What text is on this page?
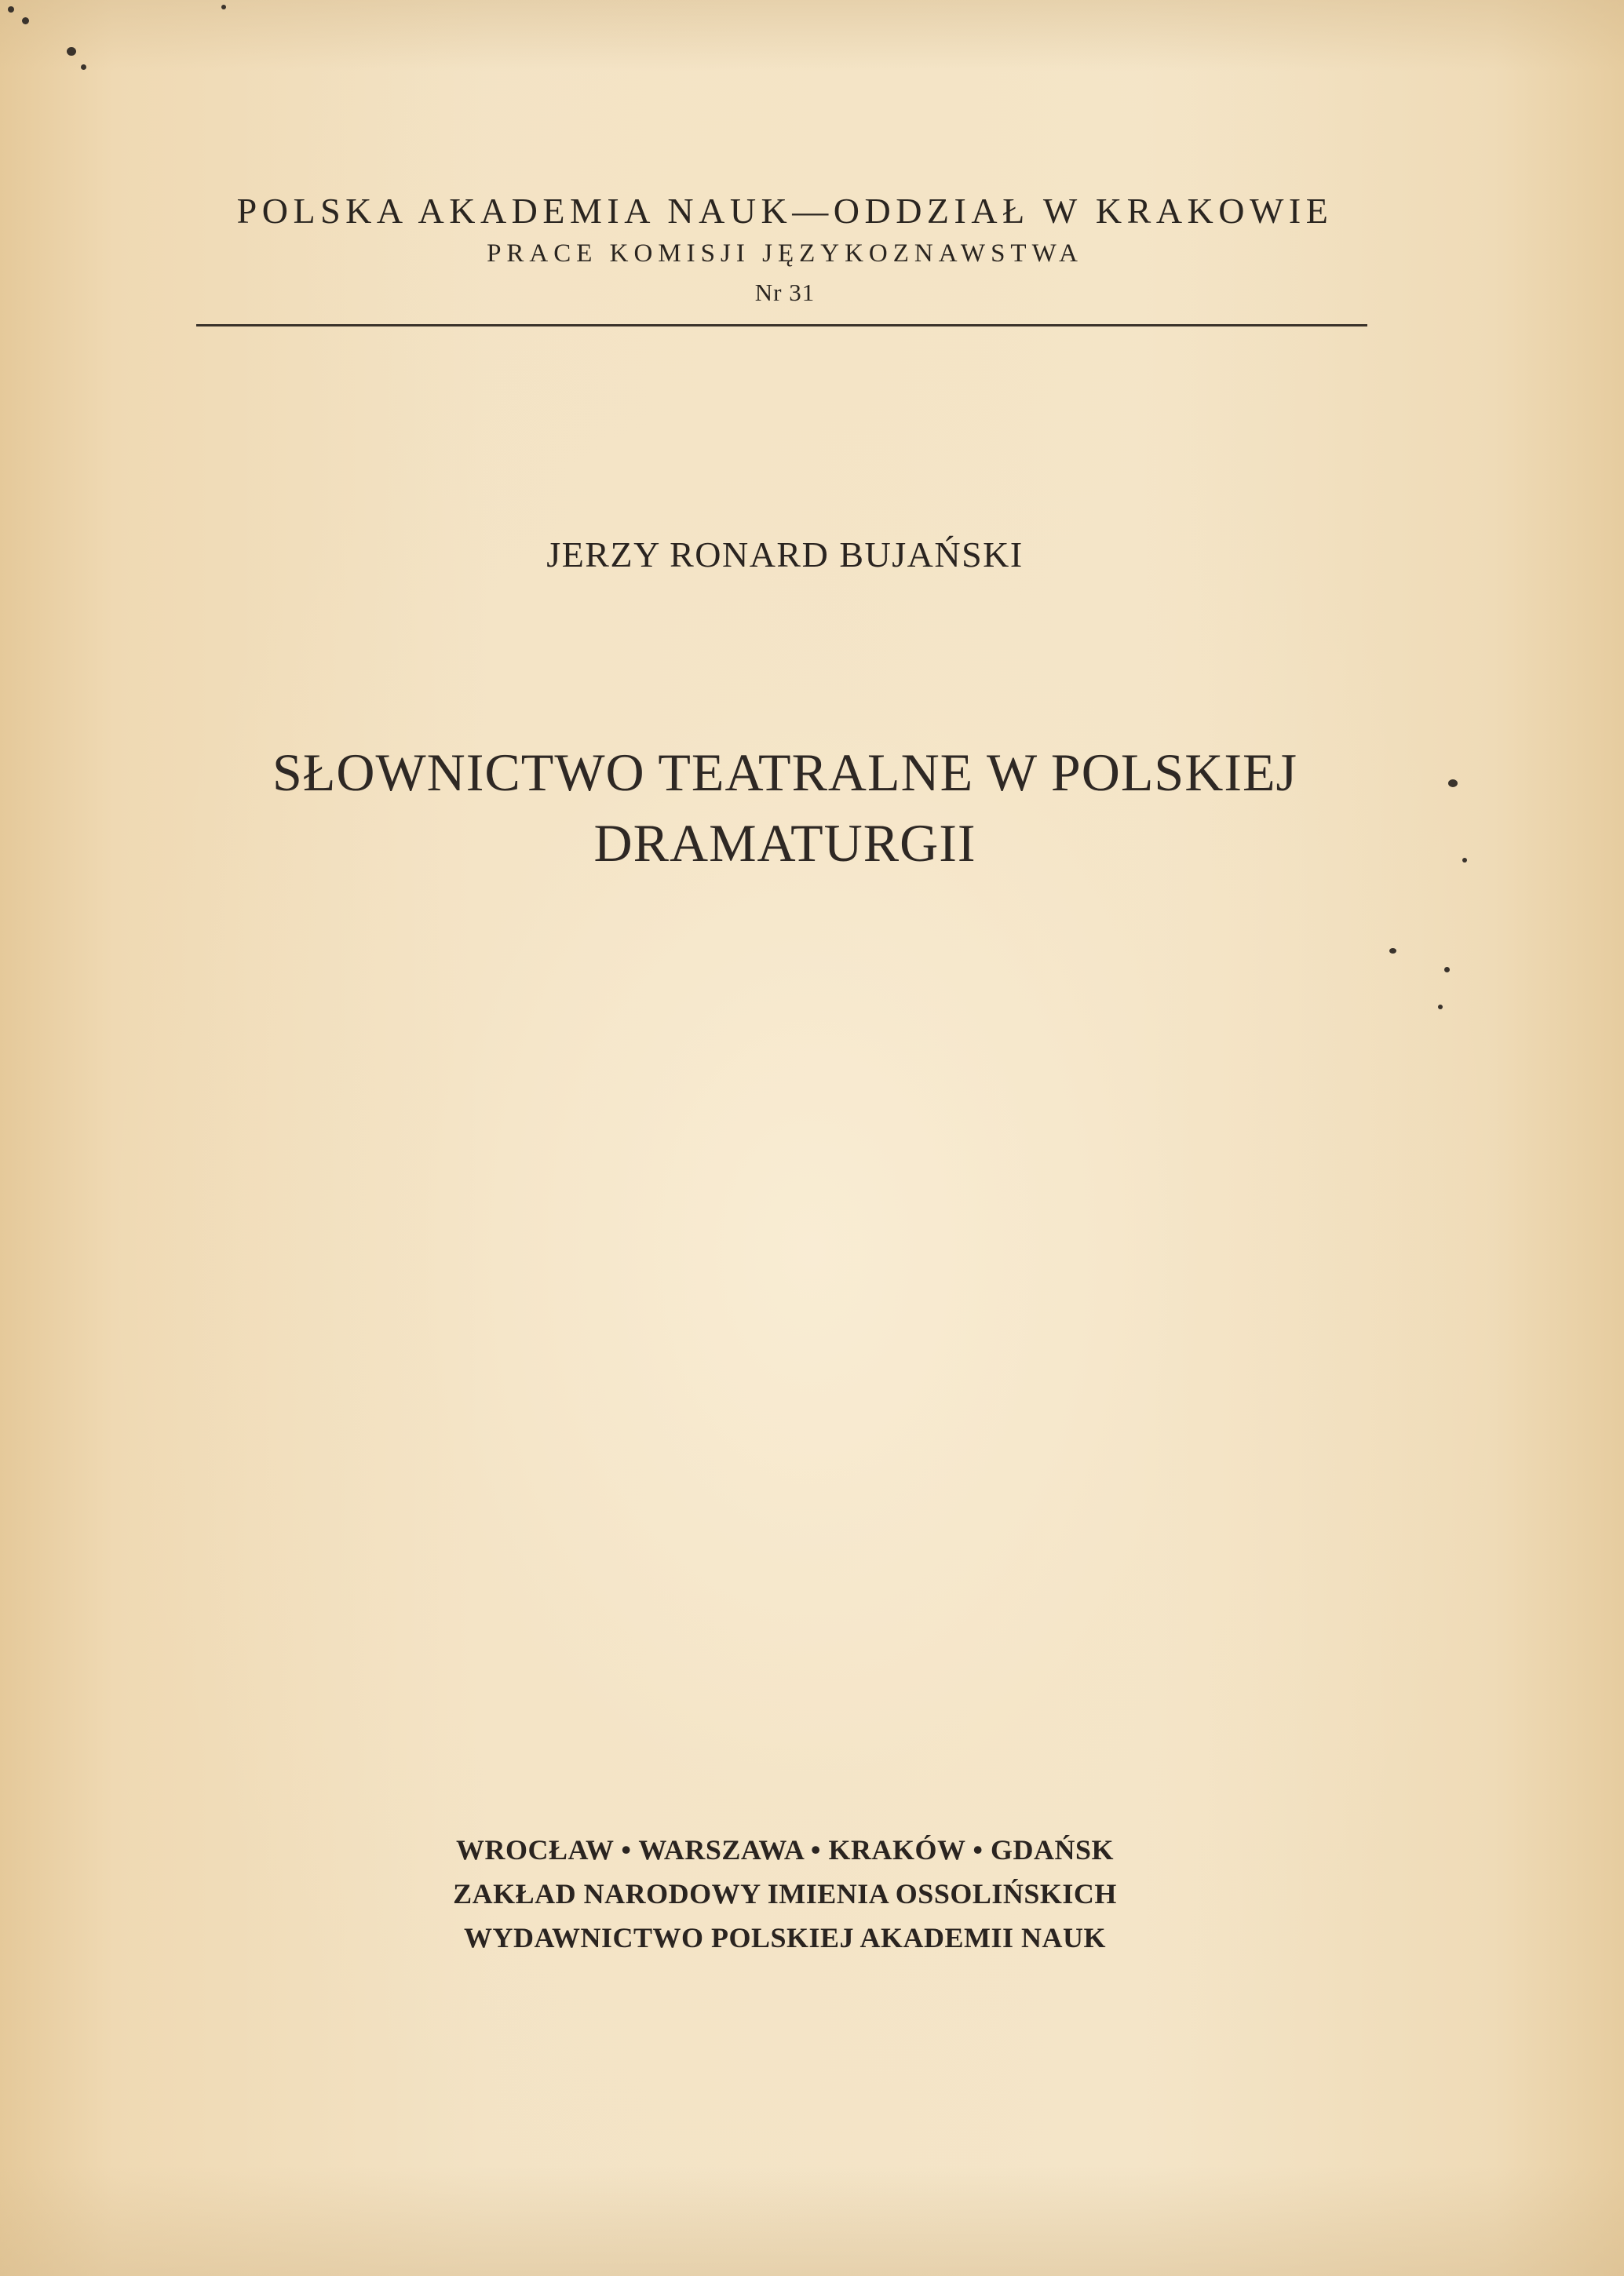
POLSKA AKADEMIA NAUK—ODDZIAŁ W KRAKOWIE
PRACE KOMISJI JĘZYKOZNAWSTWA
Nr 31
JERZY RONARD BUJAŃSKI
SŁOWNICTWO TEATRALNE W POLSKIEJ
DRAMATURGII
WROCŁAW • WARSZAWA • KRAKÓW • GDAŃSK
ZAKŁAD NARODOWY IMIENIA OSSOLIŃSKICH
WYDAWNICTWO POLSKIEJ AKADEMII NAUK
